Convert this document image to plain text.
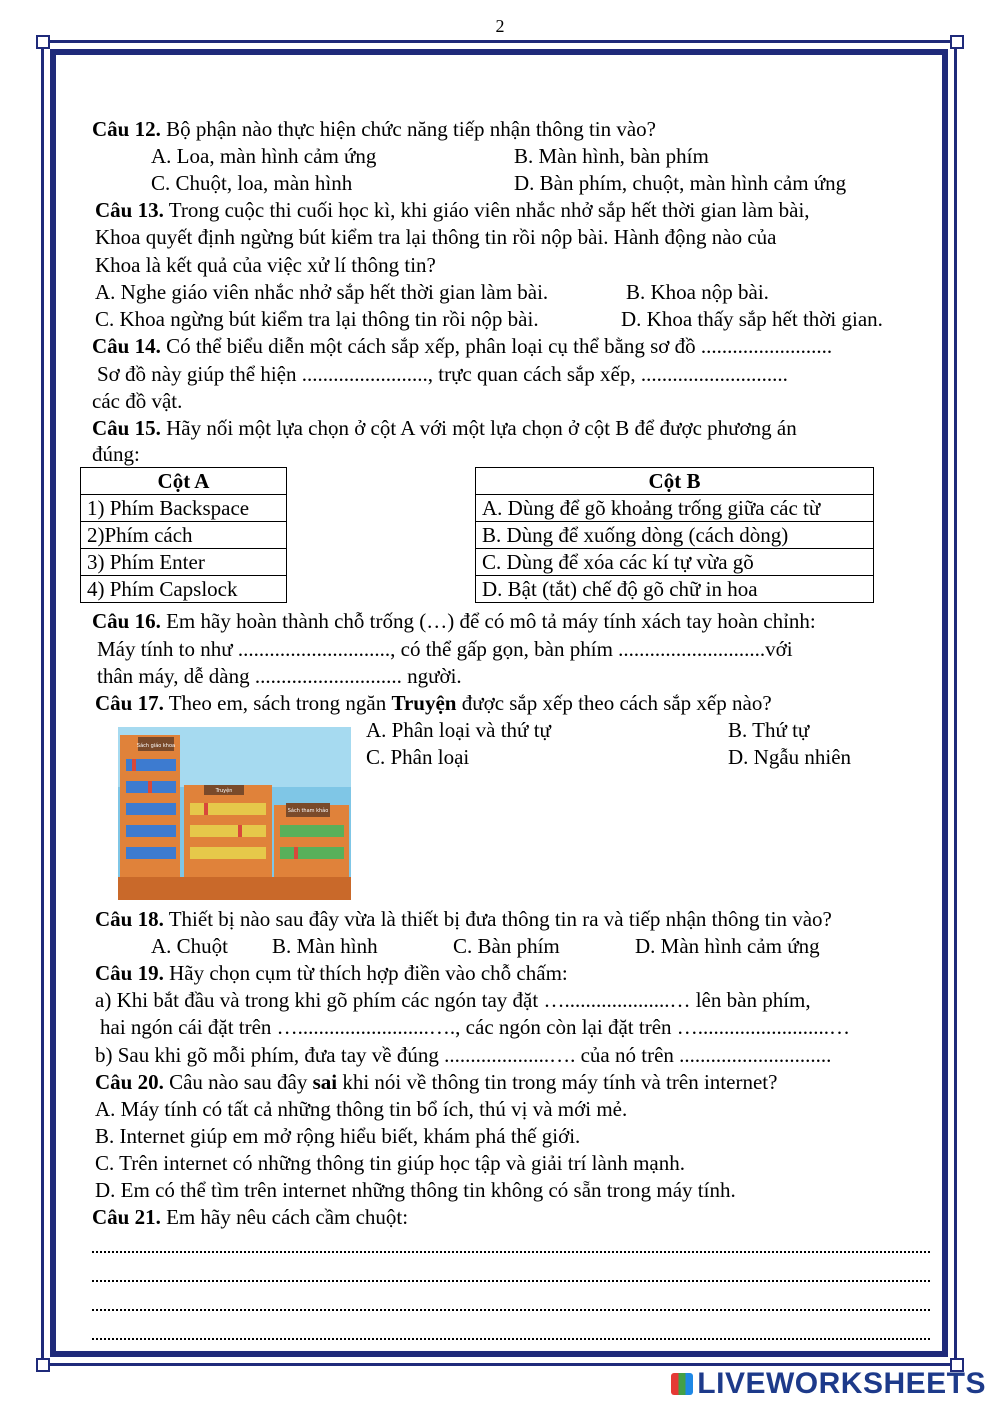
2
Câu 12. Bộ phận nào thực hiện chức năng tiếp nhận thông tin vào?
A. Loa, màn hình cảm ứng	B. Màn hình, bàn phím
C. Chuột, loa, màn hình	D. Bàn phím, chuột, màn hình cảm ứng
Câu 13. Trong cuộc thi cuối học kì, khi giáo viên nhắc nhở sắp hết thời gian làm bài,
Khoa quyết định ngừng bút kiểm tra lại thông tin rồi nộp bài. Hành động nào của
Khoa là kết quả của việc xử lí thông tin?
A. Nghe giáo viên nhắc nhở sắp hết thời gian làm bài.	B. Khoa nộp bài.
C. Khoa ngừng bút kiểm tra lại thông tin rồi nộp bài.	D. Khoa thấy sắp hết thời gian.
Câu 14. Có thể biểu diễn một cách sắp xếp, phân loại cụ thể bằng sơ đồ .........................
Sơ đồ này giúp thể hiện ........................, trực quan cách sắp xếp, ............................
các đồ vật.
Câu 15. Hãy nối một lựa chọn ở cột A với một lựa chọn ở cột B để được phương án
đúng:
Cột A		Cột B
1) Phím Backspace		A. Dùng để gõ khoảng trống giữa các từ
2)Phím cách		B. Dùng để xuống dòng (cách dòng)
3) Phím Enter		C. Dùng để xóa các kí tự vừa gõ
4) Phím Capslock		D. Bật (tắt) chế độ gõ chữ in hoa
Câu 16. Em hãy hoàn thành chỗ trống (…) để có mô tả máy tính xách tay hoàn chỉnh:
Máy tính to như ............................., có thể gấp gọn, bàn phím ............................với
thân máy, dễ dàng ............................ người.
Câu 17. Theo em, sách trong ngăn Truyện được sắp xếp theo cách sắp xếp nào?
A. Phân loại và thứ tự	B. Thứ tự
C. Phân loại	D. Ngẫu nhiên
Sách giáo khoa
Truyện
Sách tham khảo
Câu 18. Thiết bị nào sau đây vừa là thiết bị đưa thông tin ra và tiếp nhận thông tin vào?
A. Chuột B. Màn hình	C. Bàn phím	D. Màn hình cảm ứng
Câu 19. Hãy chọn cụm từ thích hợp điền vào chỗ chấm:
a) Khi bắt đầu và trong khi gõ phím các ngón tay đặt …....................… lên bàn phím,
hai ngón cái đặt trên ….........................…., các ngón còn lại đặt trên ….........................…
b) Sau khi gõ mỗi phím, đưa tay về đúng ....................…. của nó trên .............................
Câu 20. Câu nào sau đây sai khi nói về thông tin trong máy tính và trên internet?
A. Máy tính có tất cả những thông tin bổ ích, thú vị và mới mẻ.
B. Internet giúp em mở rộng hiểu biết, khám phá thế giới.
C. Trên internet có những thông tin giúp học tập và giải trí lành mạnh.
D. Em có thể tìm trên internet những thông tin không có sẵn trong máy tính.
Câu 21. Em hãy nêu cách cầm chuột:
LIVEWORKSHEETS
